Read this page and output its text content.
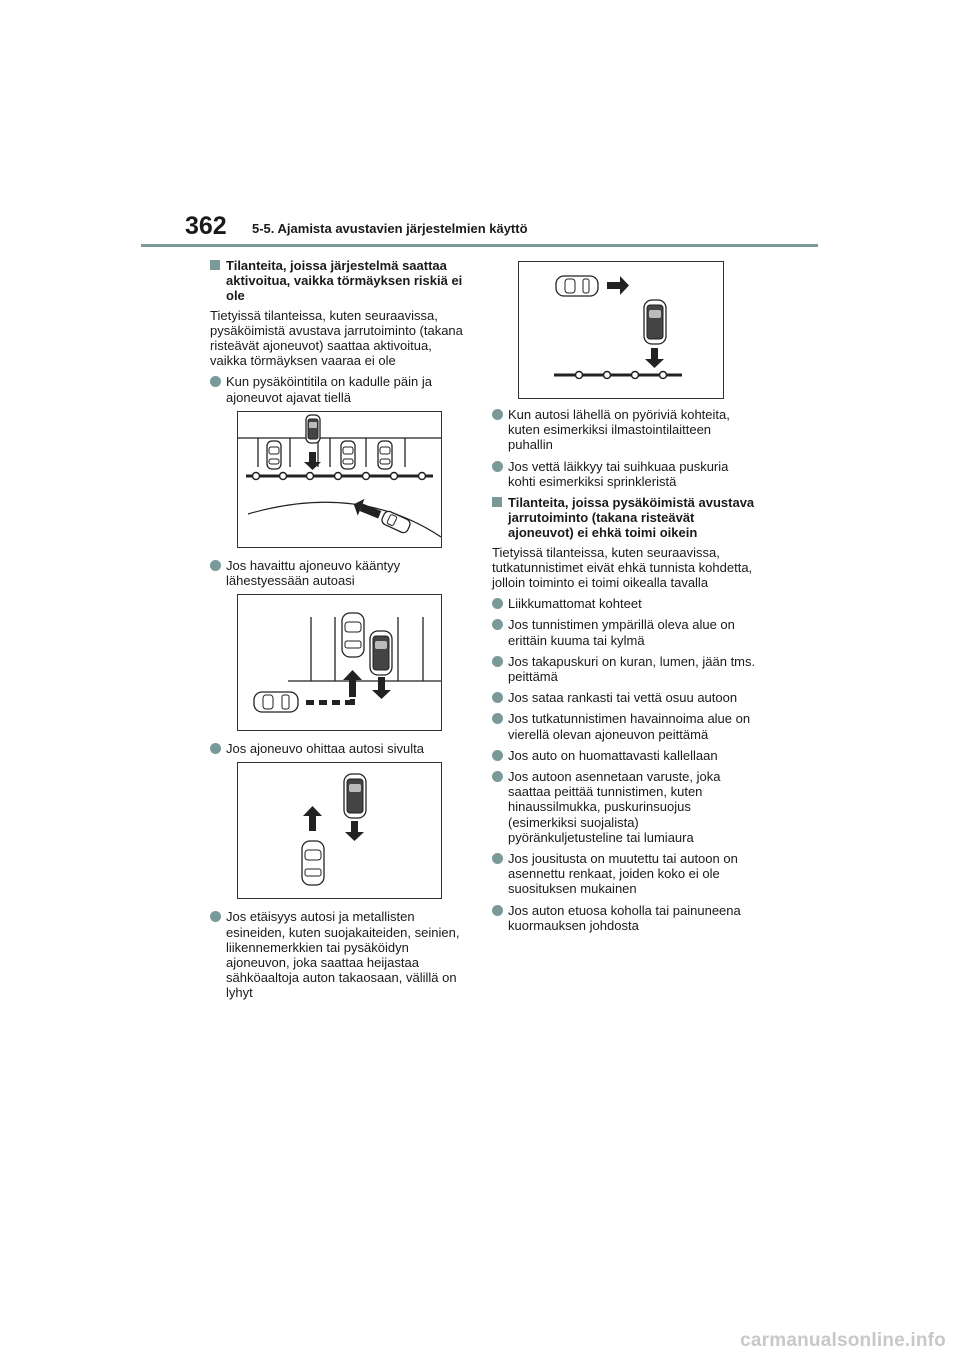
362 5-5. Ajamista avustavien järjestelmien käyttö
Tilanteita, joissa järjestelmä saattaa aktivoitua, vaikka törmäyksen riskiä ei ole
Tietyissä tilanteissa, kuten seuraavissa, pysäköimistä avustava jarrutoiminto (takana risteävät ajoneuvot) saattaa aktivoitua, vaikka törmäyksen vaaraa ei ole
Kun pysäköintitila on kadulle päin ja ajoneuvot ajavat tiellä
Jos havaittu ajoneuvo kääntyy lähestyessään autoasi
Jos ajoneuvo ohittaa autosi sivulta
Jos etäisyys autosi ja metallisten esineiden, kuten suojakaiteiden, seinien, liikennemerkkien tai pysäköidyn ajoneuvon, joka saattaa heijastaa sähköaaltoja auton takaosaan, välillä on lyhyt
Kun autosi lähellä on pyöriviä kohteita, kuten esimerkiksi ilmastointilaitteen puhallin
Jos vettä läikkyy tai suihkuaa puskuria kohti esimerkiksi sprinkleristä
Tilanteita, joissa pysäköimistä avustava jarrutoiminto (takana risteävät ajoneuvot) ei ehkä toimi oikein
Tietyissä tilanteissa, kuten seuraavissa, tutkatunnistimet eivät ehkä tunnista kohdetta, jolloin toiminto ei toimi oikealla tavalla
Liikkumattomat kohteet
Jos tunnistimen ympärillä oleva alue on erittäin kuuma tai kylmä
Jos takapuskuri on kuran, lumen, jään tms. peittämä
Jos sataa rankasti tai vettä osuu autoon
Jos tutkatunnistimen havainnoima alue on vierellä olevan ajoneuvon peittämä
Jos auto on huomattavasti kallellaan
Jos autoon asennetaan varuste, joka saattaa peittää tunnistimen, kuten hinaussilmukka, puskurinsuojus (esimerkiksi suojalista) pyöränkuljetusteline tai lumiaura
Jos jousitusta on muutettu tai autoon on asennettu renkaat, joiden koko ei ole suosituksen mukainen
Jos auton etuosa koholla tai painuneena kuormauksen johdosta
carmanualsonline.info
